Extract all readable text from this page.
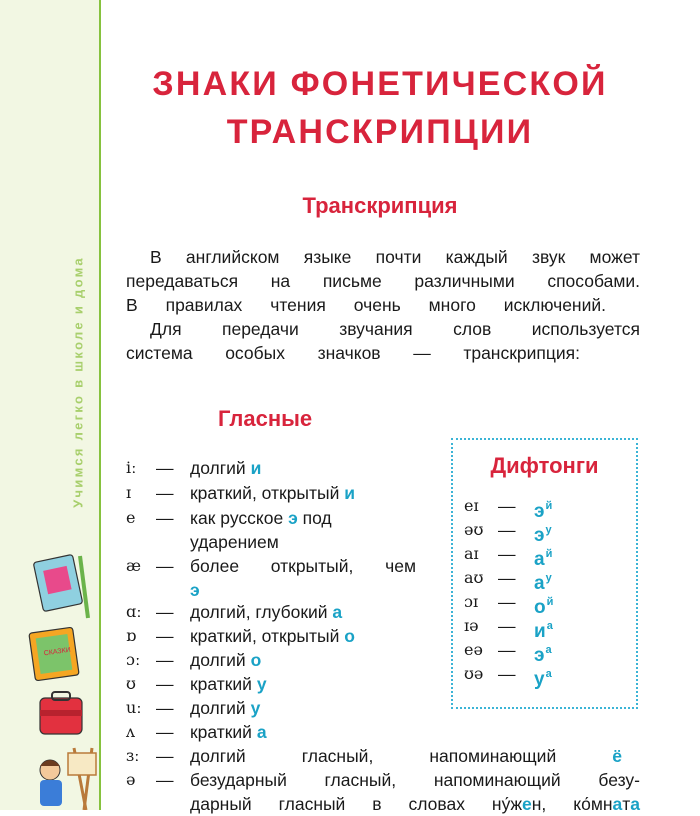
Учимся легко в школе и дома
СКАЗКИ
ЗНАКИ ФОНЕТИЧЕСКОЙ
ТРАНСКРИПЦИИ
Транскрипция

В английском языке почти каждый звук может

передаваться на письме различными способами.

В правилах чтения очень много исключений.

Для передачи звучания слов используется

система особых значков — транскрипция:

Гласные
iː — долгий и
ɪ — краткий, открытый и
e — как русское э под
ударением
æ — более открытый, чем
э
ɑː — долгий, глубокий а
ɒ — краткий, открытый о
ɔː — долгий о
ʊ — краткий у
uː — долгий у
ʌ — краткий а
ɜː — долгий гласный, напоминающий ё
ə — безударный гласный, напоминающий безу-
дарный гласный в словах ну́жен, ко́мната
Дифтонги
eɪ — $э^й$
əʊ — $э^у$
aɪ — $а^й$
aʊ — $а^у$
ɔɪ — $о^й$
ɪə — $и^а$
eə — $э^а$
ʊə — $у^а$
